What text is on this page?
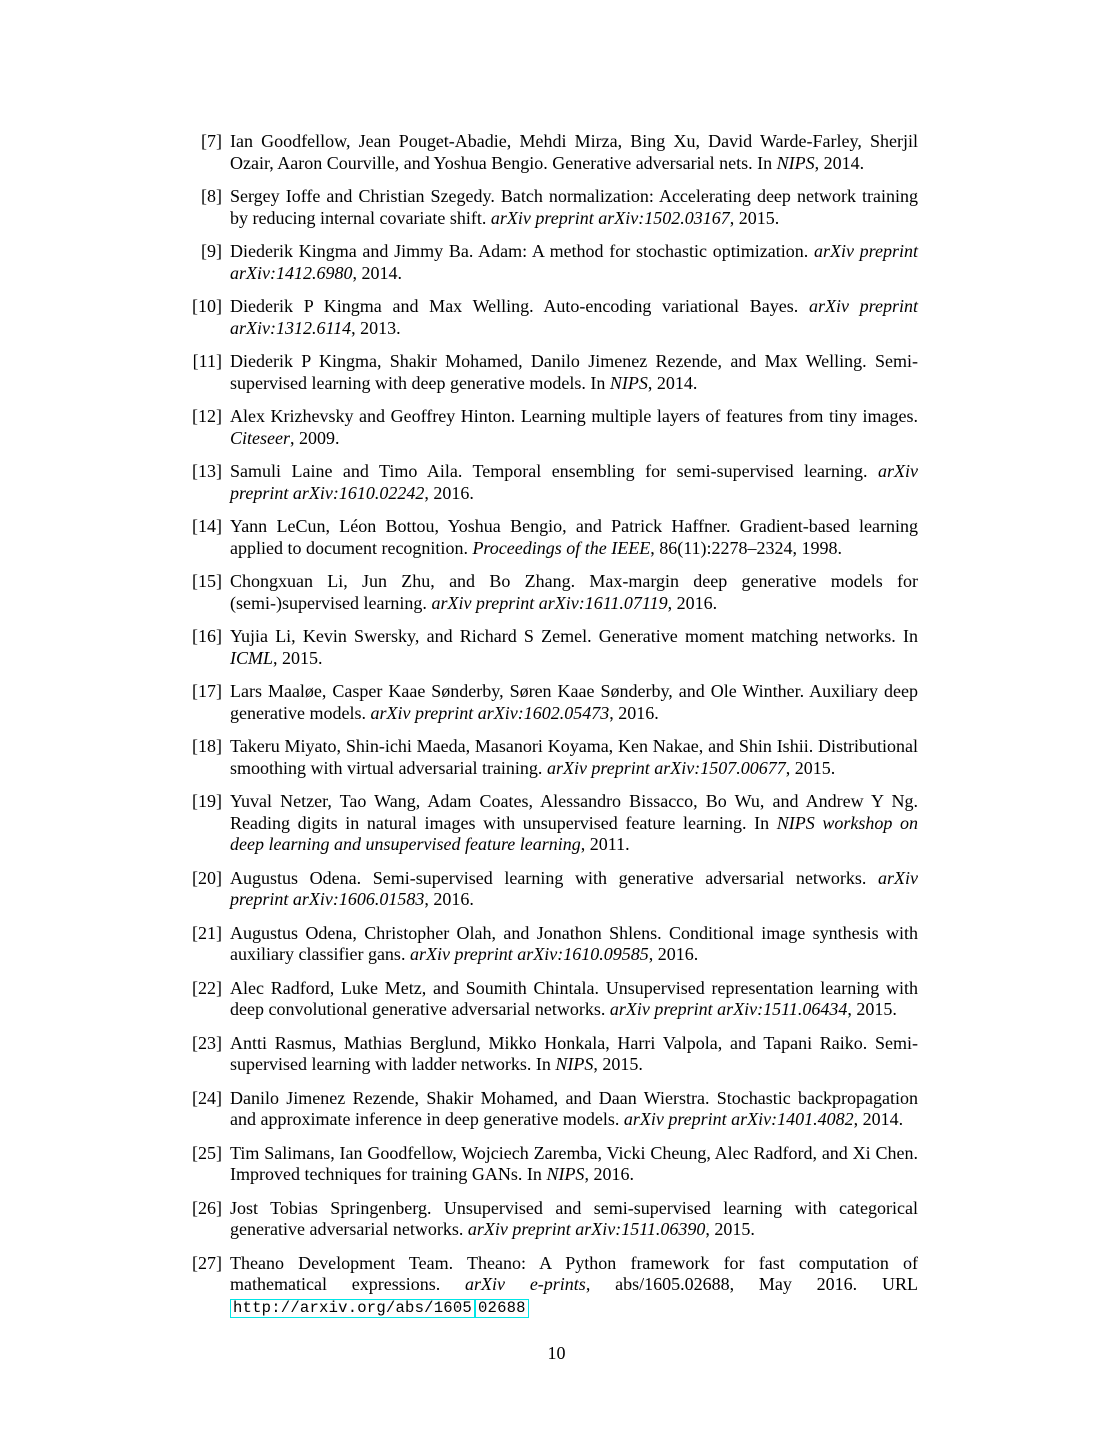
[7] Ian Goodfellow, Jean Pouget-Abadie, Mehdi Mirza, Bing Xu, David Warde-Farley, Sherjil Ozair, Aaron Courville, and Yoshua Bengio. Generative adversarial nets. In NIPS, 2014.
[8] Sergey Ioffe and Christian Szegedy. Batch normalization: Accelerating deep network training by reducing internal covariate shift. arXiv preprint arXiv:1502.03167, 2015.
[9] Diederik Kingma and Jimmy Ba. Adam: A method for stochastic optimization. arXiv preprint arXiv:1412.6980, 2014.
[10] Diederik P Kingma and Max Welling. Auto-encoding variational Bayes. arXiv preprint arXiv:1312.6114, 2013.
[11] Diederik P Kingma, Shakir Mohamed, Danilo Jimenez Rezende, and Max Welling. Semi-supervised learning with deep generative models. In NIPS, 2014.
[12] Alex Krizhevsky and Geoffrey Hinton. Learning multiple layers of features from tiny images. Citeseer, 2009.
[13] Samuli Laine and Timo Aila. Temporal ensembling for semi-supervised learning. arXiv preprint arXiv:1610.02242, 2016.
[14] Yann LeCun, Léon Bottou, Yoshua Bengio, and Patrick Haffner. Gradient-based learning applied to document recognition. Proceedings of the IEEE, 86(11):2278–2324, 1998.
[15] Chongxuan Li, Jun Zhu, and Bo Zhang. Max-margin deep generative models for (semi-)supervised learning. arXiv preprint arXiv:1611.07119, 2016.
[16] Yujia Li, Kevin Swersky, and Richard S Zemel. Generative moment matching networks. In ICML, 2015.
[17] Lars Maaløe, Casper Kaae Sønderby, Søren Kaae Sønderby, and Ole Winther. Auxiliary deep generative models. arXiv preprint arXiv:1602.05473, 2016.
[18] Takeru Miyato, Shin-ichi Maeda, Masanori Koyama, Ken Nakae, and Shin Ishii. Distributional smoothing with virtual adversarial training. arXiv preprint arXiv:1507.00677, 2015.
[19] Yuval Netzer, Tao Wang, Adam Coates, Alessandro Bissacco, Bo Wu, and Andrew Y Ng. Reading digits in natural images with unsupervised feature learning. In NIPS workshop on deep learning and unsupervised feature learning, 2011.
[20] Augustus Odena. Semi-supervised learning with generative adversarial networks. arXiv preprint arXiv:1606.01583, 2016.
[21] Augustus Odena, Christopher Olah, and Jonathon Shlens. Conditional image synthesis with auxiliary classifier gans. arXiv preprint arXiv:1610.09585, 2016.
[22] Alec Radford, Luke Metz, and Soumith Chintala. Unsupervised representation learning with deep convolutional generative adversarial networks. arXiv preprint arXiv:1511.06434, 2015.
[23] Antti Rasmus, Mathias Berglund, Mikko Honkala, Harri Valpola, and Tapani Raiko. Semi-supervised learning with ladder networks. In NIPS, 2015.
[24] Danilo Jimenez Rezende, Shakir Mohamed, and Daan Wierstra. Stochastic backpropagation and approximate inference in deep generative models. arXiv preprint arXiv:1401.4082, 2014.
[25] Tim Salimans, Ian Goodfellow, Wojciech Zaremba, Vicki Cheung, Alec Radford, and Xi Chen. Improved techniques for training GANs. In NIPS, 2016.
[26] Jost Tobias Springenberg. Unsupervised and semi-supervised learning with categorical generative adversarial networks. arXiv preprint arXiv:1511.06390, 2015.
[27] Theano Development Team. Theano: A Python framework for fast computation of mathematical expressions. arXiv e-prints, abs/1605.02688, May 2016. URL http://arxiv.org/abs/1605 02688
10
